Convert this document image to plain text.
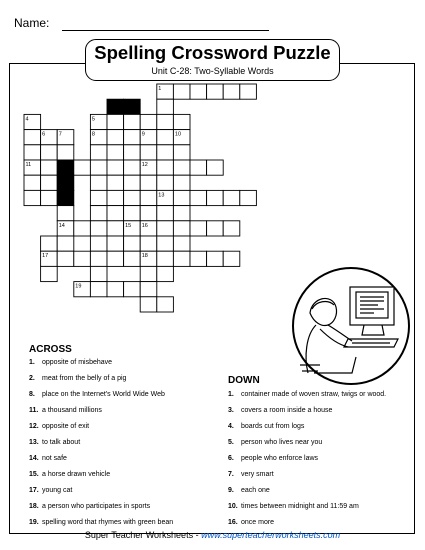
Name:
Spelling Crossword Puzzle
Unit C-28: Two-Syllable Words
1
2 3
4	5
6 7	8	9	10
11	12
13
14	15 16
17	18
19
ACROSS
1. opposite of misbehave
2. meat from the belly of a pig
8. place on the Internet's World Wide Web
11. a thousand millions
12. opposite of exit
13. to talk about
14. not safe
15. a horse drawn vehicle
17. young cat
18. a person who participates in sports
19. spelling word that rhymes with green bean
DOWN
1. container made of woven straw, twigs or wood.
3. covers a room inside a house
4. boards cut from logs
5. person who lives near you
6. people who enforce laws
7. very smart
9. each one
10. times between midnight and 11:59 am
16. once more
Super Teacher Worksheets - www.superteacherworksheets.com
